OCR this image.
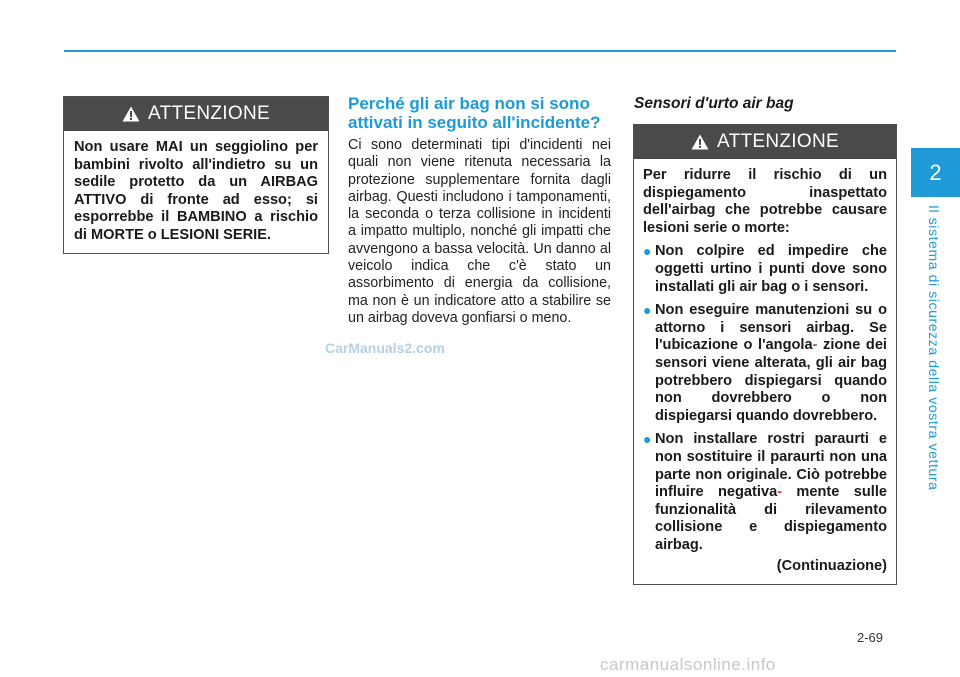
ATTENZIONE
Non usare MAI un seggiolino per bambini rivolto all'indietro su un sedile protetto da un AIRBAG ATTIVO di fronte ad esso; si esporrebbe il BAMBINO a rischio di MORTE o LESIONI SERIE.
Perché gli air bag non si sono attivati in seguito all'incidente?
Ci sono determinati tipi d'incidenti nei quali non viene ritenuta necessaria la protezione supplementare fornita dagli airbag. Questi includono i tamponamenti, la seconda o terza collisione in incidenti a impatto multiplo, nonché gli impatti che avvengono a bassa velocità. Un danno al veicolo indica che c'è stato un assorbimento di energia da collisione, ma non è un indicatore atto a stabilire se un airbag doveva gonfiarsi o meno.
CarManuals2.com
Sensori d'urto air bag
ATTENZIONE
Per ridurre il rischio di un dispiegamento inaspettato dell'airbag che potrebbe causare lesioni serie o morte:
● Non colpire ed impedire che oggetti urtino i punti dove sono installati gli air bag o i sensori.
● Non eseguire manutenzioni su o attorno i sensori airbag. Se l'ubicazione o l'angola- zione dei sensori viene alterata, gli air bag potrebbero dispiegarsi quando non dovrebbero o non dispiegarsi quando dovrebbero.
● Non installare rostri paraurti e non sostituire il paraurti non una parte non originale. Ciò potrebbe influire negativa- mente sulle funzionalità di rilevamento collisione e dispiegamento airbag.
(Continuazione)
2
Il sistema di sicurezza della vostra vettura
2-69
carmanualsonline.info
